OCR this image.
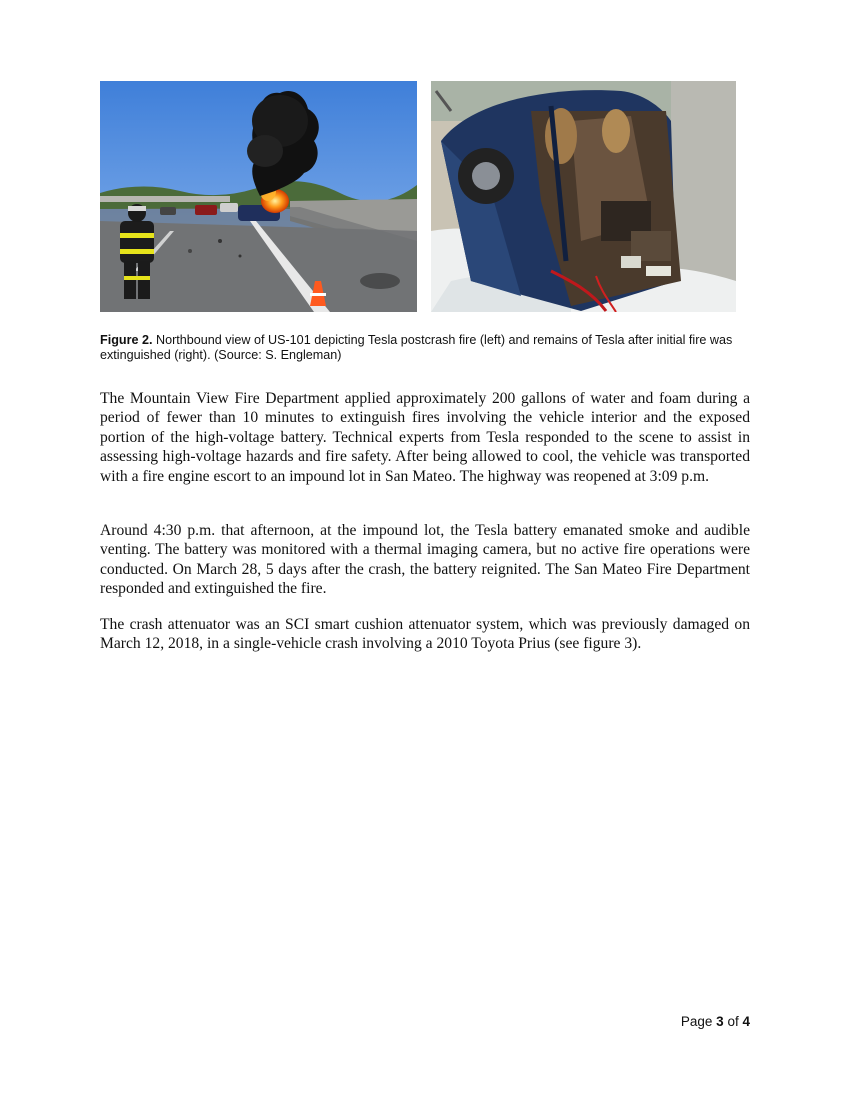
Figure 2. Northbound view of US-101 depicting Tesla postcrash fire (left) and remains of Tesla after initial fire was extinguished (right). (Source: S. Engleman)

The Mountain View Fire Department applied approximately 200 gallons of water and foam during a period of fewer than 10 minutes to extinguish fires involving the vehicle interior and the exposed portion of the high-voltage battery. Technical experts from Tesla responded to the scene to assist in assessing high-voltage hazards and fire safety. After being allowed to cool, the vehicle was transported with a fire engine escort to an impound lot in San Mateo. The highway was reopened at 3:09 p.m.

Around 4:30 p.m. that afternoon, at the impound lot, the Tesla battery emanated smoke and audible venting. The battery was monitored with a thermal imaging camera, but no active fire operations were conducted. On March 28, 5 days after the crash, the battery reignited. The San Mateo Fire Department responded and extinguished the fire.

The crash attenuator was an SCI smart cushion attenuator system, which was previously damaged on March 12, 2018, in a single-vehicle crash involving a 2010 Toyota Prius (see figure 3).

Page 3 of 4
